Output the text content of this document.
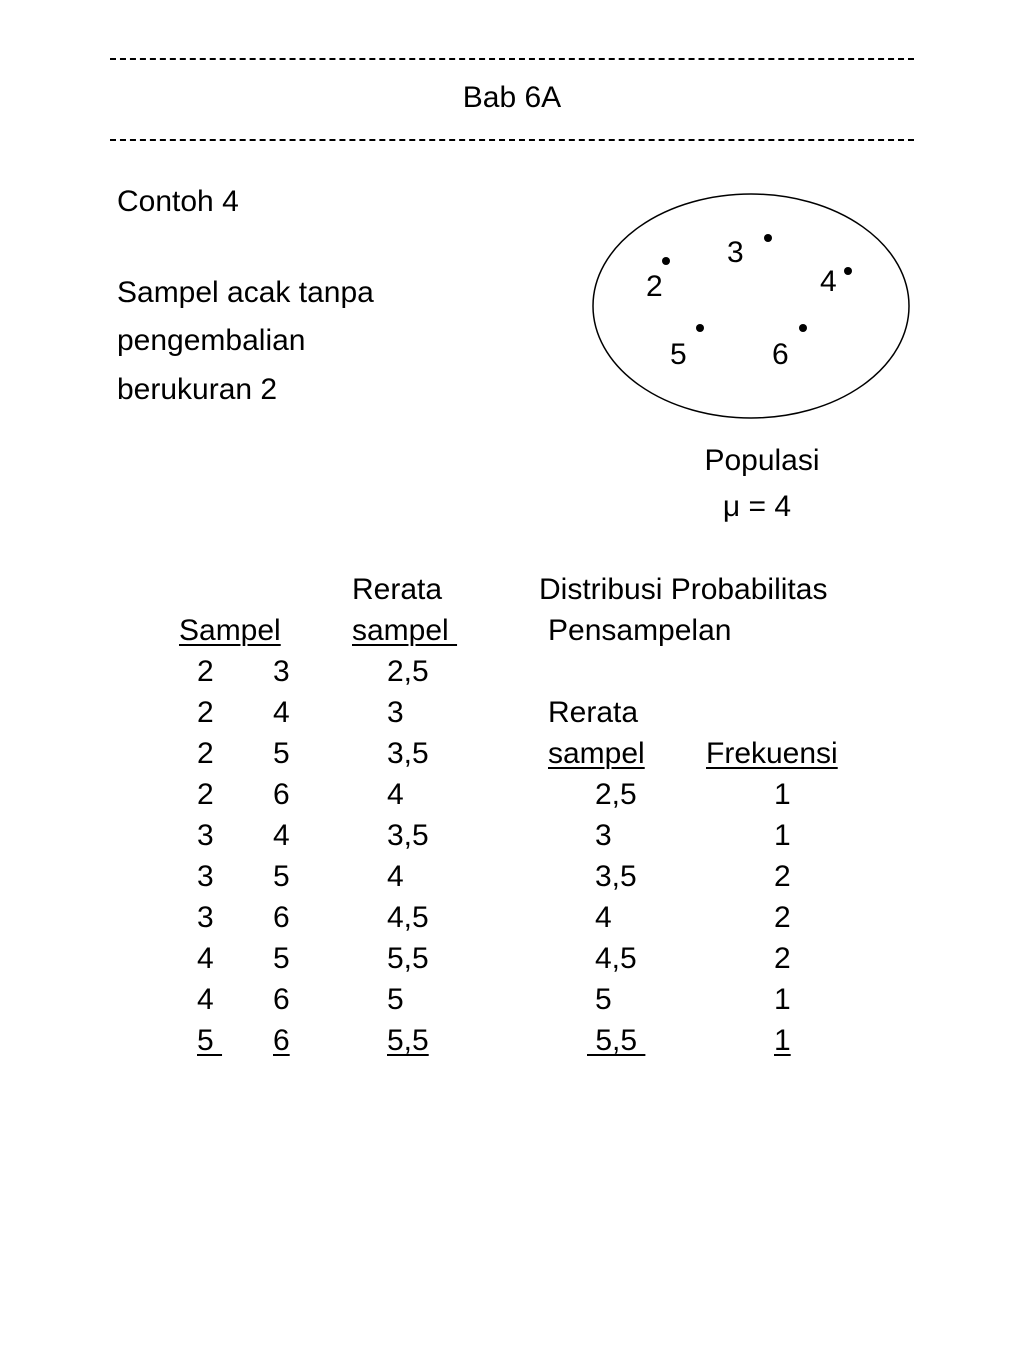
Bab 6A
Contoh 4
Sampel acak tanpa
pengembalian
berukuran 2
2
3
4
5	6
Populasi
μ = 4
Rerata
Sampel sampel
Distribusi Probabilitas
Pensampelan
Rerata
sampel Frekuensi
2 3	2,5
2 4	3
2 5	3,5
2 6	4
3 4	3,5
3 5	4
3 6	4,5
4 5	5,5
4 6	5
5 6	5,5
2,5	1
3	1
3,5	2
4	2
4,5	2
5	1
5,5	1
